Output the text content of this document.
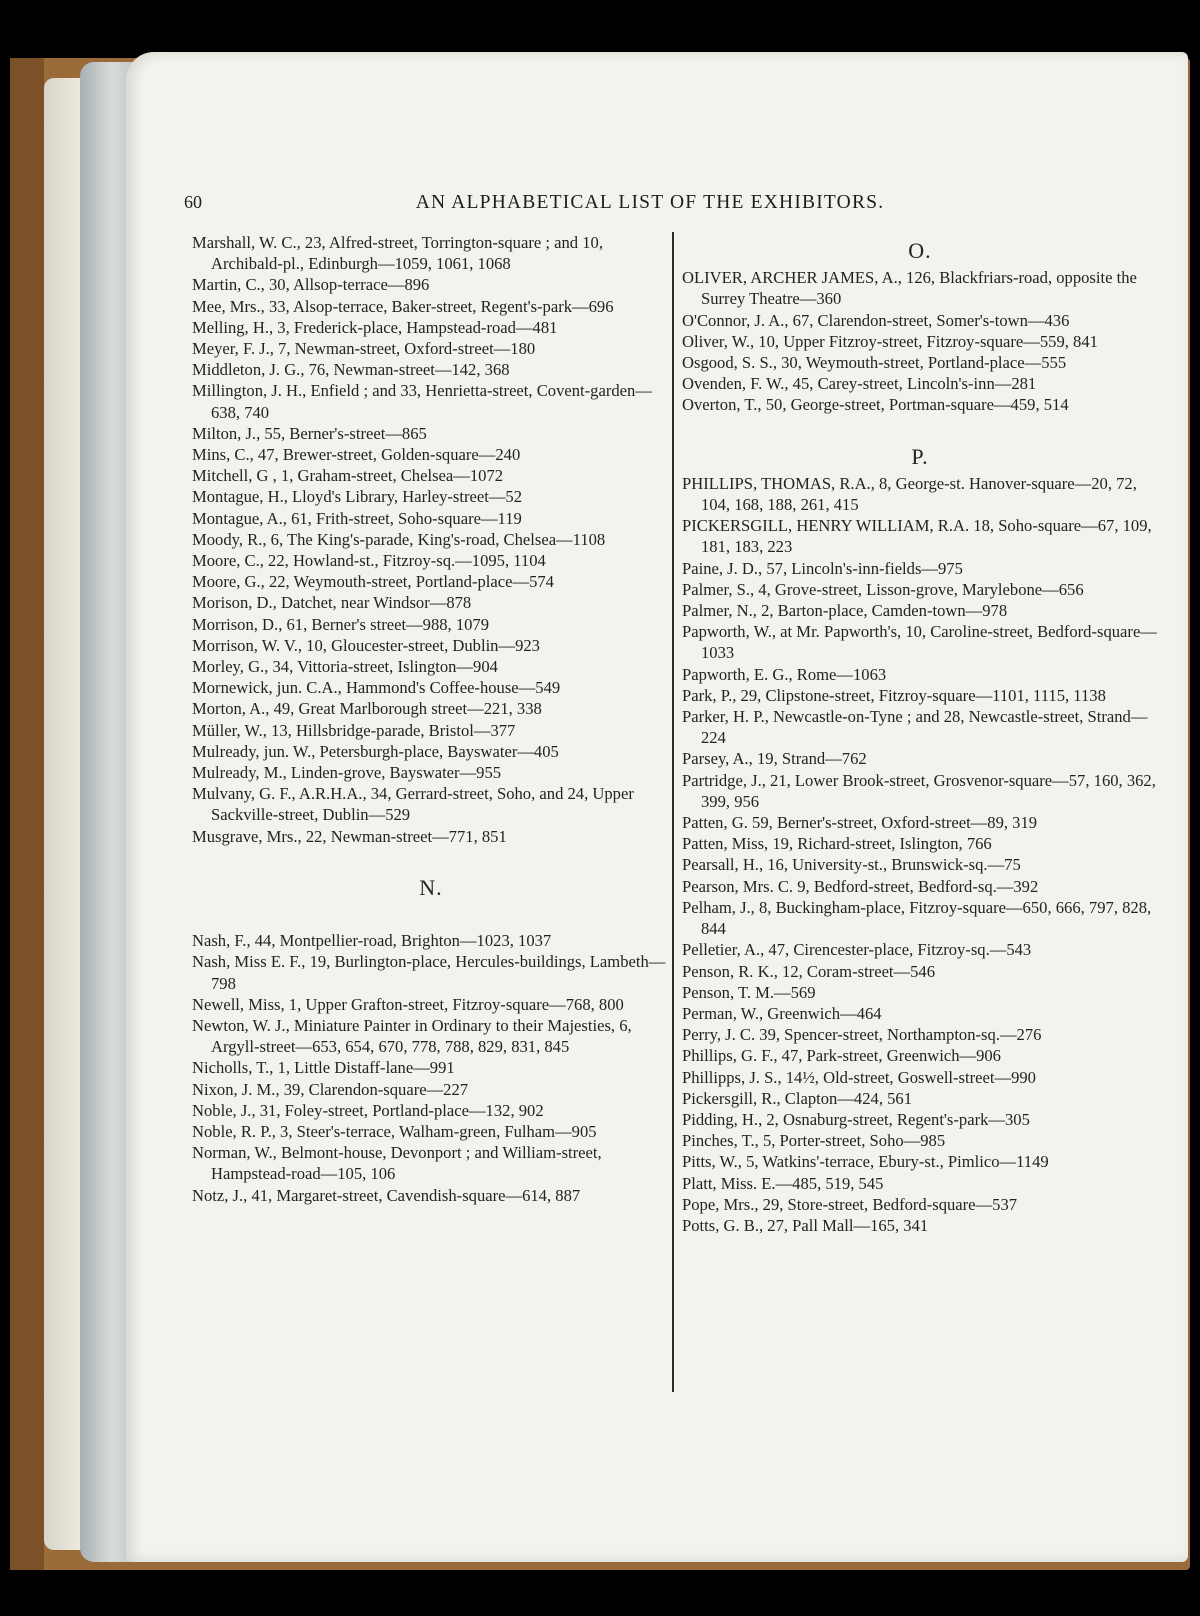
60	AN ALPHABETICAL LIST OF THE EXHIBITORS.
Marshall, W. C., 23, Alfred-street, Torrington-square ; and 10, Archibald-pl., Edinburgh—1059, 1061, 1068
Martin, C., 30, Allsop-terrace—896
Mee, Mrs., 33, Alsop-terrace, Baker-street, Regent's-park—696
Melling, H., 3, Frederick-place, Hampstead-road—481
Meyer, F. J., 7, Newman-street, Oxford-street—180
Middleton, J. G., 76, Newman-street—142, 368
Millington, J. H., Enfield ; and 33, Henrietta-street, Covent-garden—638, 740
Milton, J., 55, Berner's-street—865
Mins, C., 47, Brewer-street, Golden-square—240
Mitchell, G , 1, Graham-street, Chelsea—1072
Montague, H., Lloyd's Library, Harley-street—52
Montague, A., 61, Frith-street, Soho-square—119
Moody, R., 6, The King's-parade, King's-road, Chelsea—1108
Moore, C., 22, Howland-st., Fitzroy-sq.—1095, 1104
Moore, G., 22, Weymouth-street, Portland-place—574
Morison, D., Datchet, near Windsor—878
Morrison, D., 61, Berner's street—988, 1079
Morrison, W. V., 10, Gloucester-street, Dublin—923
Morley, G., 34, Vittoria-street, Islington—904
Mornewick, jun. C.A., Hammond's Coffee-house—549
Morton, A., 49, Great Marlborough street—221, 338
Müller, W., 13, Hillsbridge-parade, Bristol—377
Mulready, jun. W., Petersburgh-place, Bayswater—405
Mulready, M., Linden-grove, Bayswater—955
Mulvany, G. F., A.R.H.A., 34, Gerrard-street, Soho, and 24, Upper Sackville-street, Dublin—529
Musgrave, Mrs., 22, Newman-street—771, 851
N.
Nash, F., 44, Montpellier-road, Brighton—1023, 1037
Nash, Miss E. F., 19, Burlington-place, Hercules-buildings, Lambeth—798
Newell, Miss, 1, Upper Grafton-street, Fitzroy-square—768, 800
Newton, W. J., Miniature Painter in Ordinary to their Majesties, 6, Argyll-street—653, 654, 670, 778, 788, 829, 831, 845
Nicholls, T., 1, Little Distaff-lane—991
Nixon, J. M., 39, Clarendon-square—227
Noble, J., 31, Foley-street, Portland-place—132, 902
Noble, R. P., 3, Steer's-terrace, Walham-green, Fulham—905
Norman, W., Belmont-house, Devonport ; and William-street, Hampstead-road—105, 106
Notz, J., 41, Margaret-street, Cavendish-square—614, 887
O.
OLIVER, ARCHER JAMES, A., 126, Blackfriars-road, opposite the Surrey Theatre—360
O'Connor, J. A., 67, Clarendon-street, Somer's-town—436
Oliver, W., 10, Upper Fitzroy-street, Fitzroy-square—559, 841
Osgood, S. S., 30, Weymouth-street, Portland-place—555
Ovenden, F. W., 45, Carey-street, Lincoln's-inn—281
Overton, T., 50, George-street, Portman-square—459, 514
P.
PHILLIPS, THOMAS, R.A., 8, George-st. Hanover-square—20, 72, 104, 168, 188, 261, 415
PICKERSGILL, HENRY WILLIAM, R.A. 18, Soho-square—67, 109, 181, 183, 223
Paine, J. D., 57, Lincoln's-inn-fields—975
Palmer, S., 4, Grove-street, Lisson-grove, Marylebone—656
Palmer, N., 2, Barton-place, Camden-town—978
Papworth, W., at Mr. Papworth's, 10, Caroline-street, Bedford-square—1033
Papworth, E. G., Rome—1063
Park, P., 29, Clipstone-street, Fitzroy-square—1101, 1115, 1138
Parker, H. P., Newcastle-on-Tyne ; and 28, Newcastle-street, Strand—224
Parsey, A., 19, Strand—762
Partridge, J., 21, Lower Brook-street, Grosvenor-square—57, 160, 362, 399, 956
Patten, G. 59, Berner's-street, Oxford-street—89, 319
Patten, Miss, 19, Richard-street, Islington, 766
Pearsall, H., 16, University-st., Brunswick-sq.—75
Pearson, Mrs. C. 9, Bedford-street, Bedford-sq.—392
Pelham, J., 8, Buckingham-place, Fitzroy-square—650, 666, 797, 828, 844
Pelletier, A., 47, Cirencester-place, Fitzroy-sq.—543
Penson, R. K., 12, Coram-street—546
Penson, T. M.—569
Perman, W., Greenwich—464
Perry, J. C. 39, Spencer-street, Northampton-sq.—276
Phillips, G. F., 47, Park-street, Greenwich—906
Phillipps, J. S., 14½, Old-street, Goswell-street—990
Pickersgill, R., Clapton—424, 561
Pidding, H., 2, Osnaburg-street, Regent's-park—305
Pinches, T., 5, Porter-street, Soho—985
Pitts, W., 5, Watkins'-terrace, Ebury-st., Pimlico—1149
Platt, Miss. E.—485, 519, 545
Pope, Mrs., 29, Store-street, Bedford-square—537
Potts, G. B., 27, Pall Mall—165, 341
